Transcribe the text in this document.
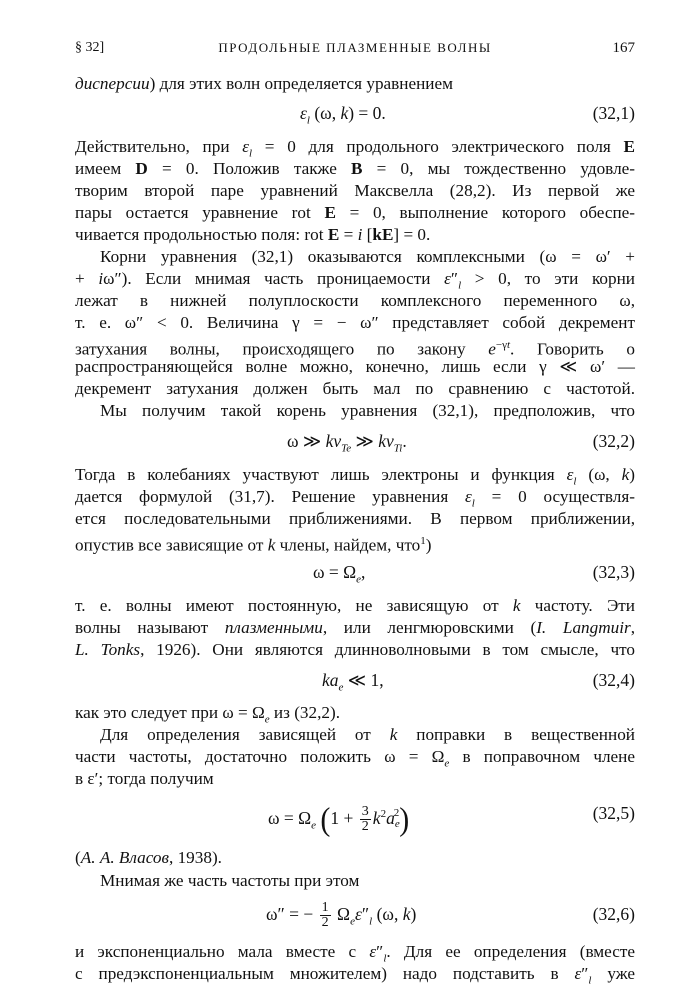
§ 32]	ПРОДОЛЬНЫЕ ПЛАЗМЕННЫЕ ВОЛНЫ	167
дисперсии) для этих волн определяется уравнением
$\varepsilon_l$ (ω, k) = 0.	(32,1)
Действительно, при $\varepsilon_l = 0$ для продольного электрического поля E
имеем D = 0. Положив также B = 0, мы тождественно удовле-
творим второй паре уравнений Максвелла (28,2). Из первой же
пары остается уравнение rot E = 0, выполнение которого обеспе-
чивается продольностью поля: rot E = i [kE] = 0.
Корни уравнения (32,1) оказываются комплексными (ω = ω′ +
+ iω″). Если мнимая часть проницаемости $\varepsilon''_l > 0$, то эти корни
лежат в нижней полуплоскости комплексного переменного ω,
т. е. ω″ < 0. Величина γ = − ω″ представляет собой декремент
затухания волны, происходящего по закону $e^{-\gamma t}$. Говорить о
распространяющейся волне можно, конечно, лишь если γ ≪ ω′ —
декремент затухания должен быть мал по сравнению с частотой.
Мы получим такой корень уравнения (32,1), предположив, что
ω ≫ $kv_{Te}$ ≫ $kv_{Ti}$.	(32,2)
Тогда в колебаниях участвуют лишь электроны и функция $\varepsilon_l$ (ω, k)
дается формулой (31,7). Решение уравнения $\varepsilon_l = 0$ осуществля-
ется последовательными приближениями. В первом приближении,
опустив все зависящие от k члены, найдем, что$^1$)
$\omega = \Omega_e$,	(32,3)
т. е. волны имеют постоянную, не зависящую от k частоту. Эти
волны называют плазменными, или ленгмюровскими (I. Langmuir,
L. Tonks, 1926). Они являются длинноволновыми в том смысле, что
$ka_e$ ≪ 1,	(32,4)
как это следует при $\omega = \Omega_e$ из (32,2).
Для определения зависящей от k поправки в вещественной
части частоты, достаточно положить $\omega = \Omega_e$ в поправочном члене
в ε′; тогда получим
$\omega = \Omega_e$ $(1 + \frac{3}{2} k^2ae^2)$	(32,5)
(А. А. Власов, 1938).
Мнимая же часть частоты при этом
ω″ = − $\frac{1}{2} \Omega_e\varepsilon''_l$ (ω, k)	(32,6)
и экспоненциально мала вместе с $\varepsilon''_l$. Для ее определения (вместе
с предэкспоненциальным множителем) надо подставить в $\varepsilon''_l$ уже
